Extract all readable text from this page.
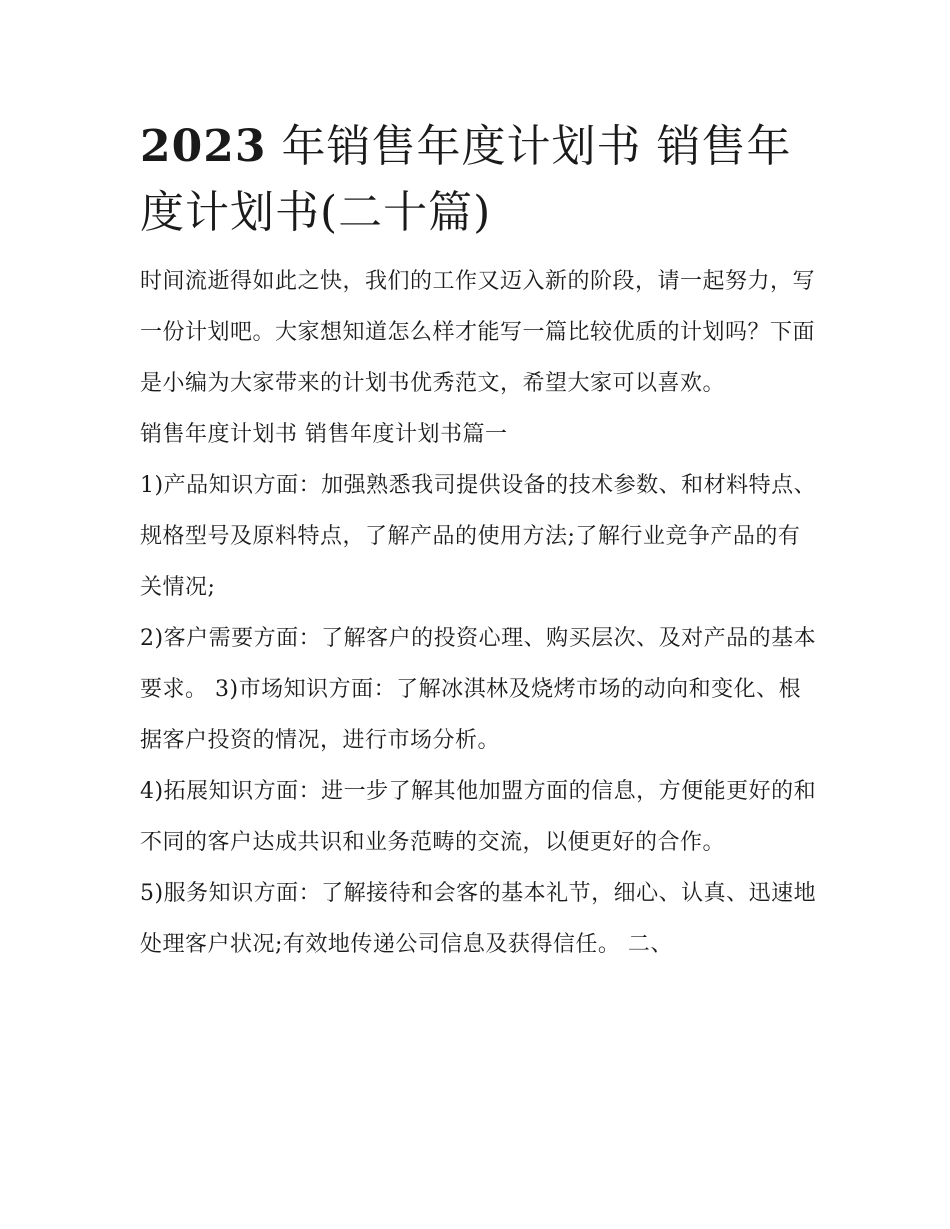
2023 年销售年度计划书 销售年度计划书(二十篇)

时间流逝得如此之快，我们的工作又迈入新的阶段，请一起努力，写一份计划吧。大家想知道怎么样才能写一篇比较优质的计划吗？下面是小编为大家带来的计划书优秀范文，希望大家可以喜欢。

销售年度计划书 销售年度计划书篇一

1)产品知识方面：加强熟悉我司提供设备的技术参数、和材料特点、规格型号及原料特点，了解产品的使用方法;了解行业竞争产品的有关情况;

2)客户需要方面：了解客户的投资心理、购买层次、及对产品的基本要求。 3)市场知识方面：了解冰淇林及烧烤市场的动向和变化、根据客户投资的情况，进行市场分析。

4)拓展知识方面：进一步了解其他加盟方面的信息，方便能更好的和不同的客户达成共识和业务范畴的交流，以便更好的合作。

5)服务知识方面：了解接待和会客的基本礼节，细心、认真、迅速地处理客户状况;有效地传递公司信息及获得信任。 二、
